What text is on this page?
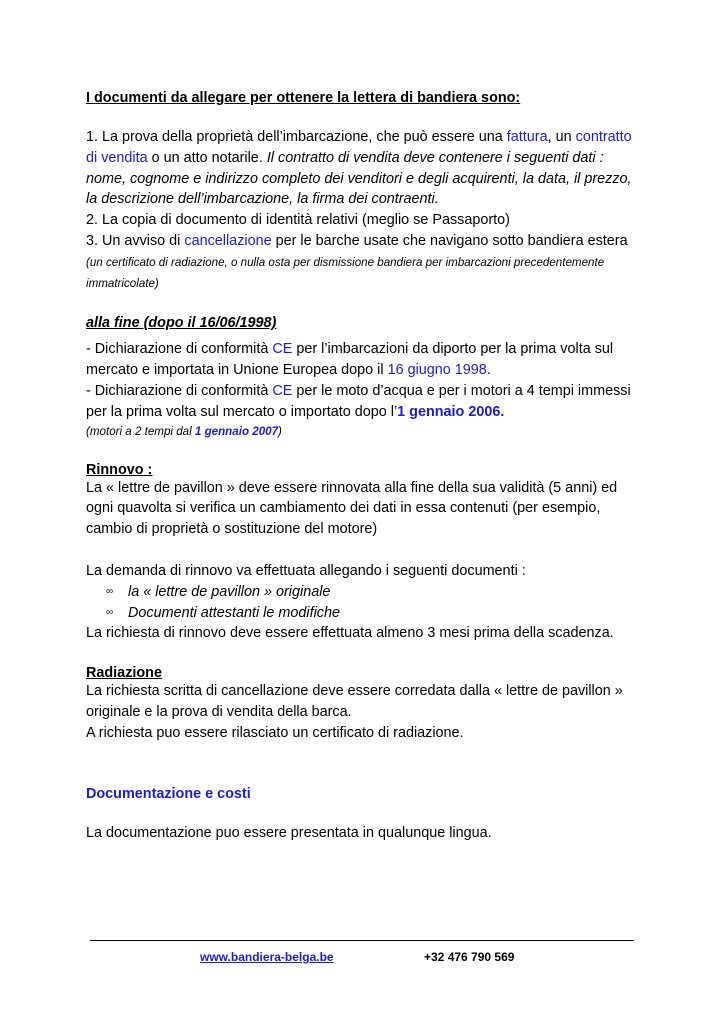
I documenti da allegare per ottenere la lettera di bandiera sono:

1. La prova della proprietà dell’imbarcazione, che può essere una fattura, un contratto di vendita o un atto notarile. Il contratto di vendita deve contenere i seguenti dati : nome, cognome e indirizzo completo dei venditori e degli acquirenti, la data, il prezzo, la descrizione dell’imbarcazione, la firma dei contraenti.

2. La copia di documento di identità relativi (meglio se Passaporto)

3. Un avviso di cancellazione per le barche usate che navigano sotto bandiera estera (un certificato di radiazione, o nulla osta per dismissione bandiera per imbarcazioni precedentemente immatricolate)

alla fine (dopo il 16/06/1998)

- Dichiarazione di conformità CE per l’imbarcazioni da diporto per la prima volta sul mercato e importata in Unione Europea dopo il 16 giugno 1998.

- Dichiarazione di conformità CE per le moto d’acqua e per i motori a 4 tempi immessi per la prima volta sul mercato o importato dopo l’1 gennaio 2006.

(motori a 2 tempi dal 1 gennaio 2007)

Rinnovo :

La « lettre de pavillon » deve essere rinnovata alla fine della sua validità (5 anni) ed ogni quavolta si verifica un cambiamento dei dati in essa contenuti (per esempio, cambio di proprietà o sostituzione del motore)

La demanda di rinnovo va effettuata allegando i seguenti documenti :

∞ la « lettre de pavillon » originale
∞ Documenti attestanti le modifiche

La richiesta di rinnovo deve essere effettuata almeno 3 mesi prima della scadenza.

Radiazione

La richiesta scritta di cancellazione deve essere corredata dalla « lettre de pavillon » originale e la prova di vendita della barca.

A richiesta puo essere rilasciato un certificato di radiazione.

Documentazione e costi

La documentazione puo essere presentata in qualunque lingua.

www.bandiera-belga.be	+32 476 790 569
